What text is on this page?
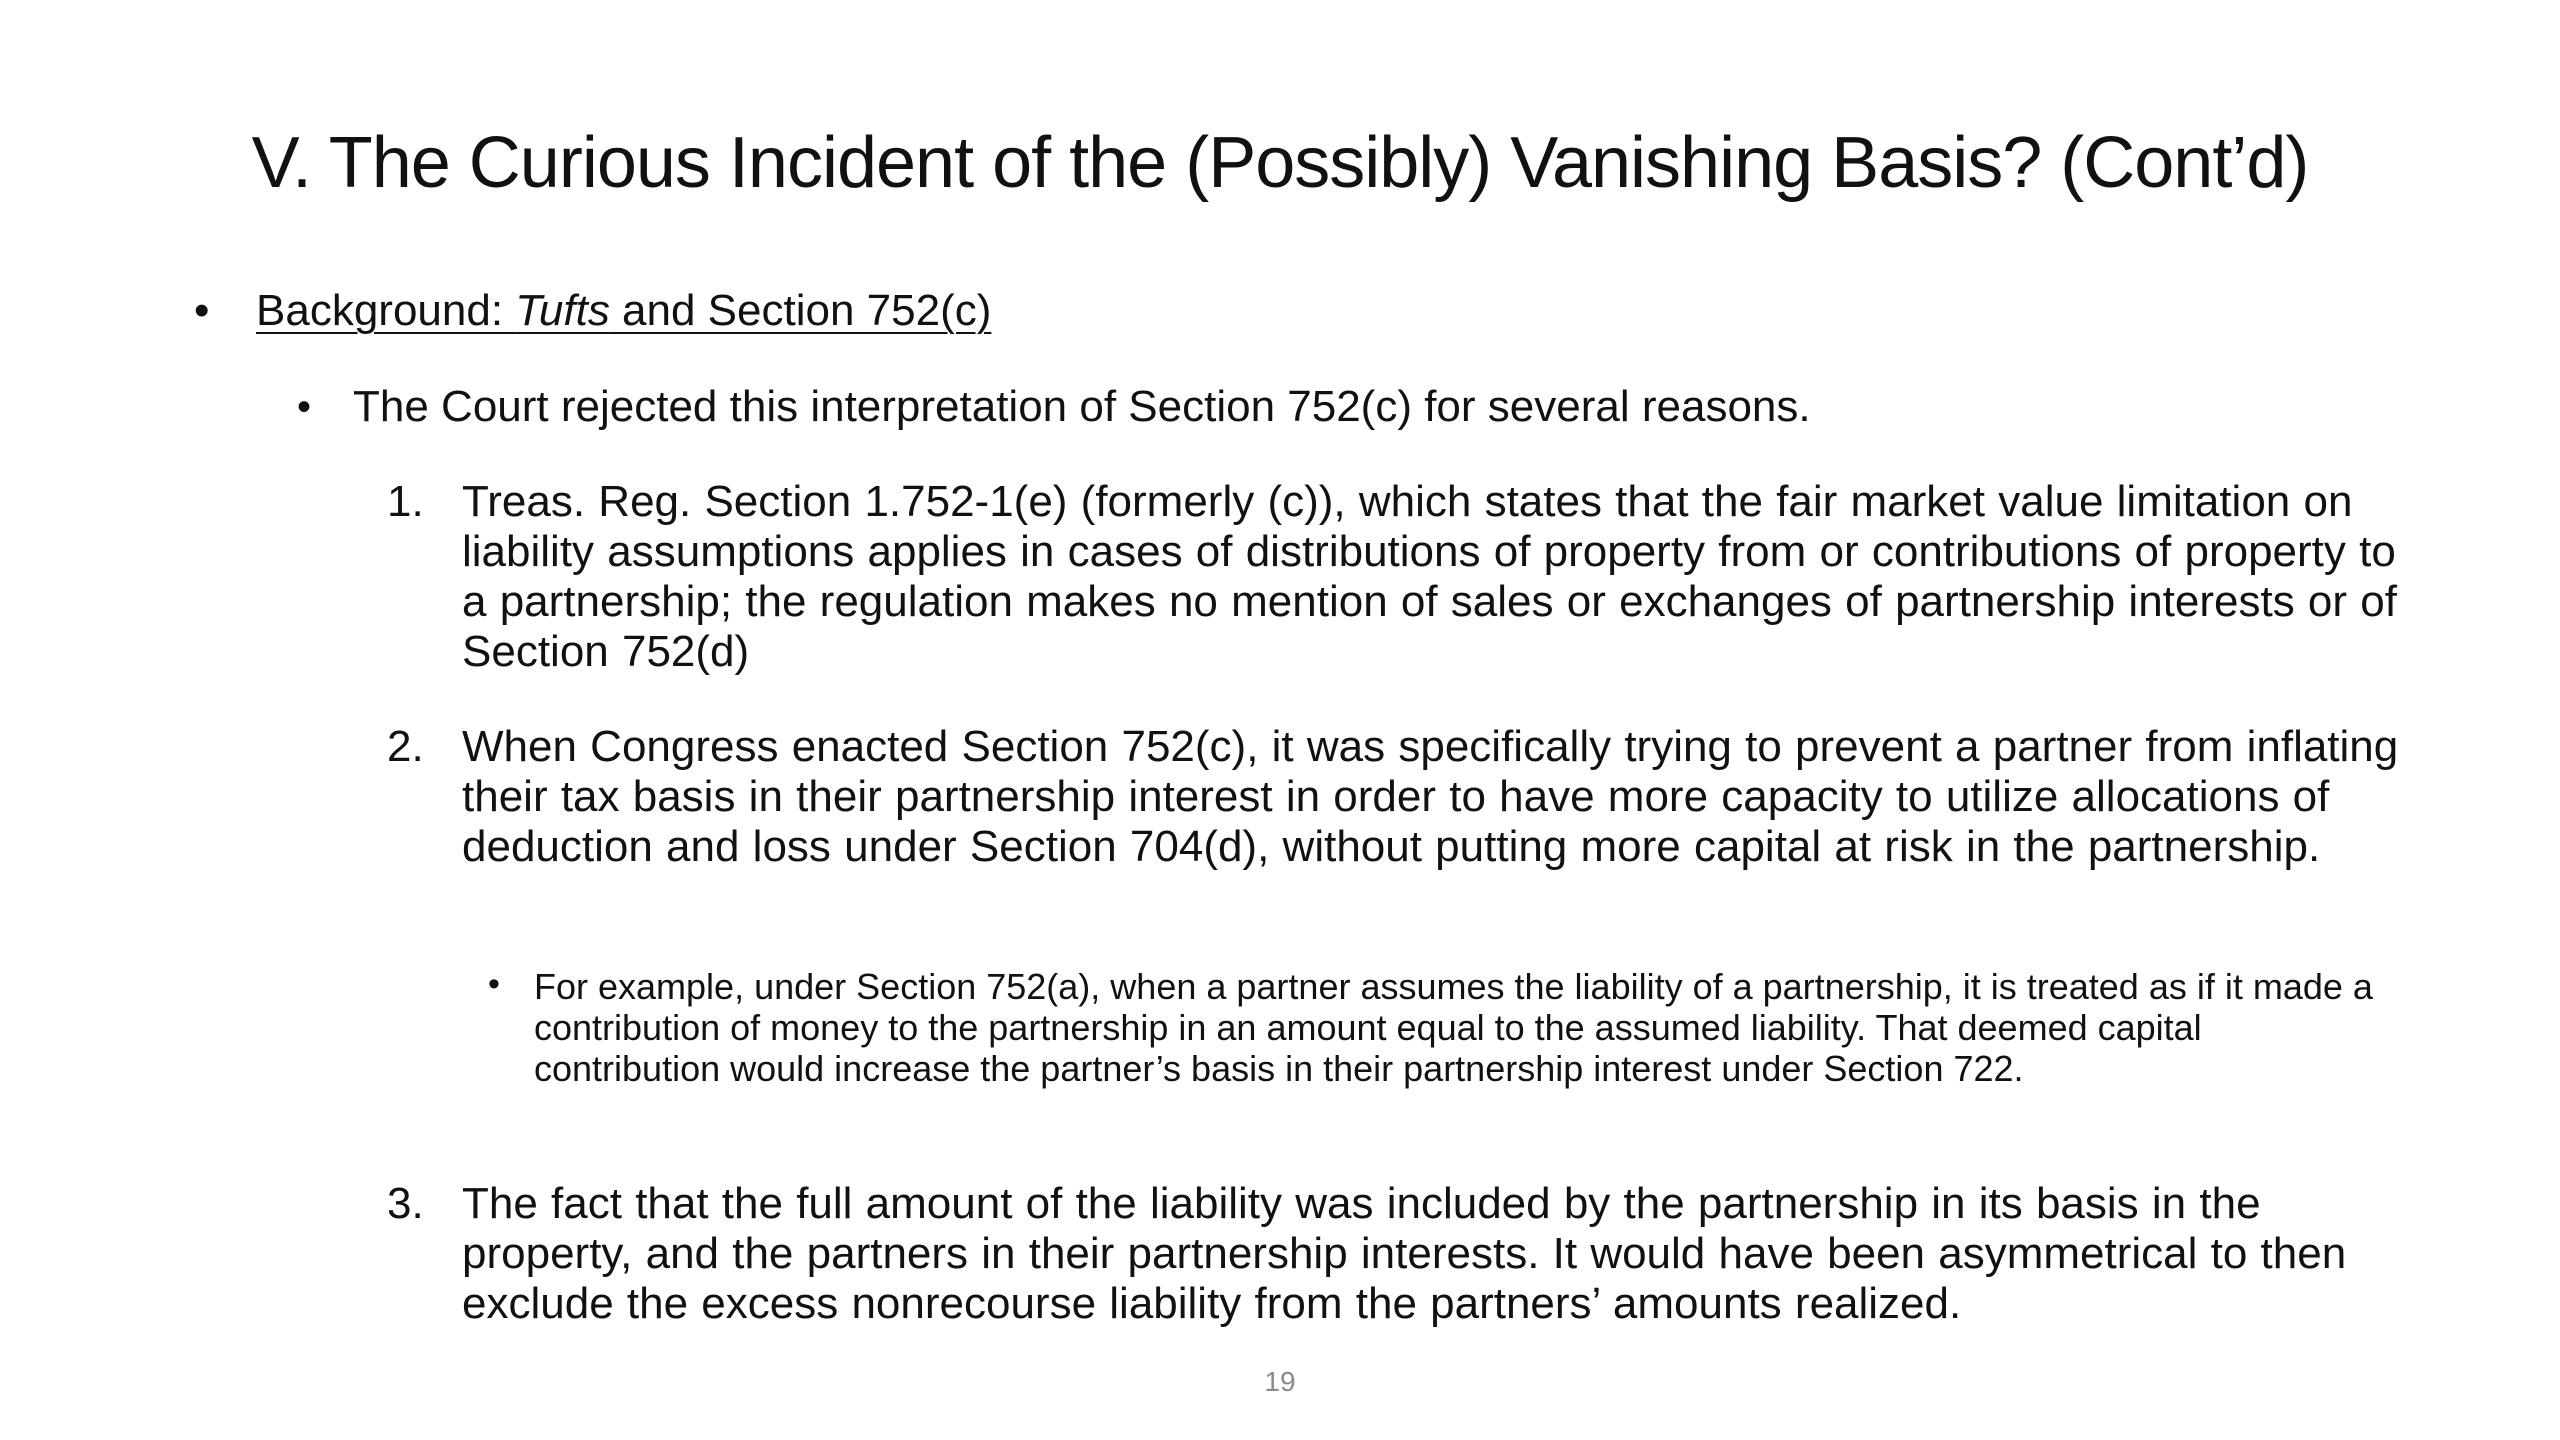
V. The Curious Incident of the (Possibly) Vanishing Basis? (Cont’d)
• Background: Tufts and Section 752(c)
• The Court rejected this interpretation of Section 752(c) for several reasons.
1. Treas. Reg. Section 1.752-1(e) (formerly (c)), which states that the fair market value limitation on liability assumptions applies in cases of distributions of property from or contributions of property to a partnership; the regulation makes no mention of sales or exchanges of partnership interests or of Section 752(d)
2. When Congress enacted Section 752(c), it was specifically trying to prevent a partner from inflating their tax basis in their partnership interest in order to have more capacity to utilize allocations of deduction and loss under Section 704(d), without putting more capital at risk in the partnership.
• For example, under Section 752(a), when a partner assumes the liability of a partnership, it is treated as if it made a contribution of money to the partnership in an amount equal to the assumed liability. That deemed capital contribution would increase the partner’s basis in their partnership interest under Section 722.
3. The fact that the full amount of the liability was included by the partnership in its basis in the property, and the partners in their partnership interests. It would have been asymmetrical to then exclude the excess nonrecourse liability from the partners’ amounts realized.
19
